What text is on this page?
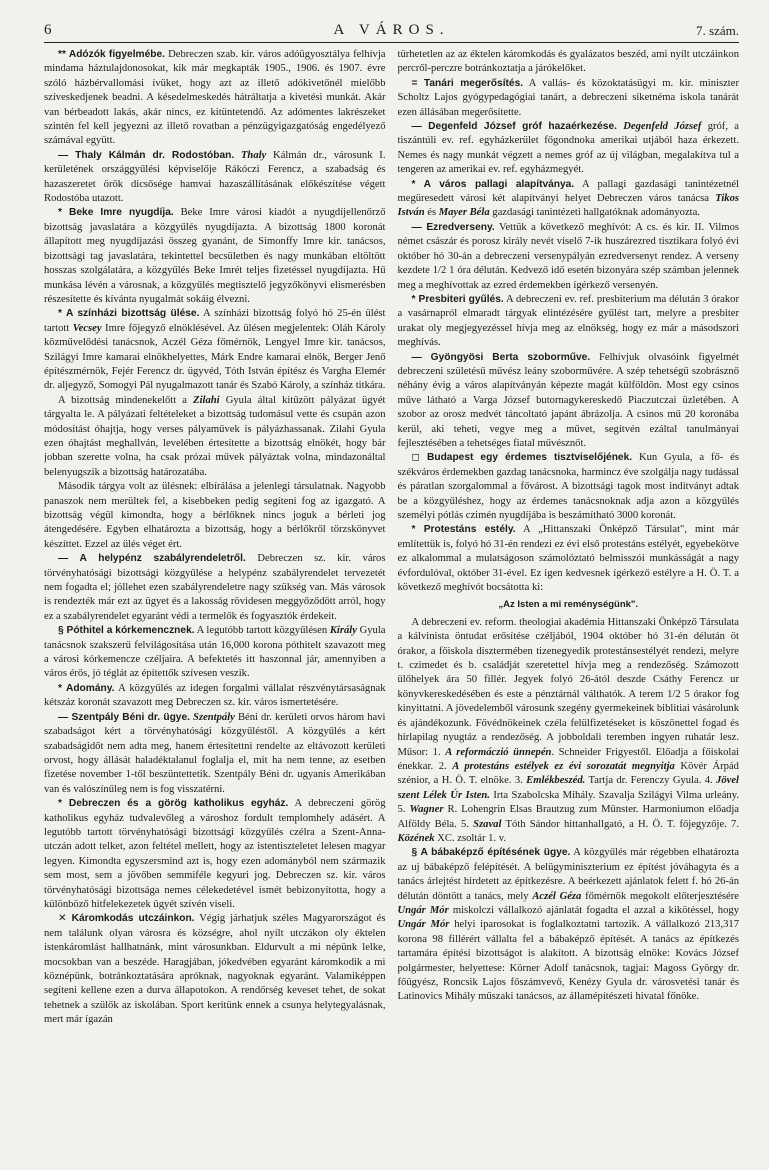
6	A VÁROS.	7. szám.

** Adózók figyelmébe. Debreczen szab. kir. város adóügyosztálya felhívja mindama háztulajdonosokat, kik már megkapták 1905., 1906. és 1907. évre szóló házbérvallomási ívüket, hogy azt az illető adókivetőnél mielőbb szíveskedjenek beadni. A késedelmeskedés hátráltatja a kivetési munkát. Akár van bérbeadott lakás, akár nincs, ez kitüntetendő. Az adómentes lakrészeket szintén fel kell jegyezni az illető rovatban a pénzügyigazgatóság engedélyező számával együtt.

— Thaly Kálmán dr. Rodostóban. Thaly Kálmán dr., városunk I. kerületének országgyűlési képviselője Rákóczi Ferencz, a szabadság és hazaszeretet örök dicsősége hamvai hazaszállításának előkészítése végett Rodostóba utazott.

* Beke Imre nyugdíja. Beke Imre városi kiadót a nyugdíjellenőrző bizottság javaslatára a közgyűlés nyugdíjazta. A bizottság 1800 koronát állapított meg nyugdíjazási összeg gyanánt, de Simonffy Imre kir. tanácsos, bizottsági tag javaslatára, tekintettel becsületben és nagy munkában eltöltött hosszas szolgálatára, a közgyűlés Beke Imrét teljes fizetéssel nyugdíjazta. Hű munkása lévén a városnak, a közgyűlés megtisztelő jegyzőkönyvi elismerésben részesítette és kívánta nyugalmát sokáig élvezni.

* A színházi bizottság ülése. A színházi bizottság folyó hó 25-én ülést tartott Vecsey Imre főjegyző elnöklésével. Az ülésen megjelentek: Oláh Károly közművelődési tanácsnok, Aczél Géza főmérnök, Lengyel Imre kir. tanácsos, Szilágyi Imre kamarai elnökhelyettes, Márk Endre kamarai elnök, Berger Jenő építészmérnök, Fejér Ferencz dr. ügyvéd, Tóth István építész és Vargha Elemér dr. aljegyző, Somogyi Pál nyugalmazott tanár és Szabó Károly, a színház titkára.

A bizottság mindenekelőtt a Zilahi Gyula által kitűzött pályázat ügyét tárgyalta le. A pályázati feltételeket a bizottság tudomásul vette és csupán azon módosítást óhajtja, hogy verses pályaművek is pályázhassanak. Zilahi Gyula ezen óhajtást meghallván, levelében értesítette a bizottság elnökét, hogy bár jobban szerette volna, ha csak prózai művek pályáztak volna, mindazonáltal belenyugszik a bizottság határozatába.

Második tárgya volt az ülésnek: elbírálása a jelenlegi társulatnak. Nagyobb panaszok nem merültek fel, a kisebbeken pedig segíteni fog az igazgató. A bizottság végül kimondta, hogy a bérlőknek nincs joguk a bérleti jog átengedésére. Egyben elhatározta a bizottság, hogy a bérlőkről törzskönyvet készíttet. Ezzel az ülés véget ért.

— A helypénz szabályrendeletről. Debreczen sz. kir. város törvényhatósági bizottsági közgyűlése a helypénz szabályrendelet tervezetét nem fogadta el; jóllehet ezen szabályrendeletre nagy szükség van. Más városok is rendezték már ezt az ügyet és a lakosság rövidesen meggyőződött arról, hogy ez a szabályrendelet egyaránt védi a termelők és fogyasztók érdekeit.

§ Póthitel a kórkemencznek. A legutóbb tartott közgyűlésen Király Gyula tanácsnok szakszerű felvilágosítása után 16,000 korona póthitelt szavazott meg a városi kórkemencze czéljaira. A befektetés itt haszonnal jár, amennyiben a város érős, jó téglát az építettők szívesen veszik.

* Adomány. A közgyűlés az idegen forgalmi vállalat részvénytársaságnak kétszáz koronát szavazott meg Debreczen sz. kir. város ismertetésére.

— Szentpály Béni dr. ügye. Szentpály Béni dr. kerületi orvos három havi szabadságot kért a törvényhatósági közgyűléstől. A közgyűlés a kért szabadságidőt nem adta meg, hanem értesítettni rendelte az eltávozott kerületi orvost, hogy állását haladéktalanul foglalja el, mit ha nem tenne, az esetben fizetése november 1-től beszüntettetik. Szentpály Béni dr. ugyanis Amerikában van és valószínűleg nem is fog visszatérni.

* Debreczen és a görög katholikus egyház. A debreczeni görög katholikus egyház tudvalevőleg a városhoz fordult templomhely adásért. A legutóbb tartott törvényhatósági bizottsági közgyűlés czélra a Szent-Anna-utczán adott telket, azon feltétel mellett, hogy az istentiszteletet lelesen magyar legyen. Kimondta egyszersmind azt is, hogy ezen adományból nem származik sem most, sem a jövőben semmiféle kegyuri jog. Debreczen sz. kir. város törvényhatósági bizottsága nemes célekedetével ismét bebizonyította, hogy a különböző hitfelekezetek ügyét szívén viseli.

✕ Káromkodás utczáinkon. Végig járhatjuk széles Magyarországot és nem találunk olyan városra és községre, ahol nyílt utczákon oly éktelen istenkáromlást hallhatnánk, mint városunkban. Eldurvult a mi népünk lelke, mocsokban van a beszéde. Haragjában, jókedvében egyaránt káromkodik a mi köznépünk, botránkoztatására apróknak, nagyoknak egyaránt. Valamiképpen segíteni kellene ezen a durva állapotokon. A rendőrség keveset tehet, de sokat tehetnek a szülők az iskolában. Sport keritünk ennek a csunya helytegyalásnak, mert már ígazán

türhetetlen az az éktelen káromkodás és gyalázatos beszéd, ami nyílt utczáinkon percről-perczre botránkoztatja a járókelőket.

= Tanári megerősítés. A vallás- és közoktatásügyi m. kir. miniszter Scholtz Lajos gyógypedagógiai tanárt, a debreczeni siketnéma iskola tanárát ezen állásában megerősítette.

— Degenfeld József gróf hazaérkezése. Degenfeld József gróf, a tiszántúli ev. ref. egyházkerület főgondnoka amerikai utjából haza érkezett. Nemes és nagy munkát végzett a nemes gróf az új világban, megalakítva tul a tengeren az amerikai ev. ref. egyházmegyét.

* A város pallagi alapítványa. A pallagi gazdasági tanintézetnél megüresedett városi két alapítványi helyet Debreczen város tanácsa Tikos István és Mayer Béla gazdasági tanintézeti hallgatóknak adományozta.

— Ezredverseny. Vettük a következő meghívót: A cs. és kir. II. Vilmos német császár és porosz király nevét viselő 7-ik huszárezred tisztikara folyó évi október hó 30-án a debreczeni versenypályán ezredversenyt rendez. A verseny kezdete 1/2 1 óra délután. Kedvező idő esetén bizonyára szép számban jelennek meg a meghívottak az ezred érdemekben ígérkező versenyén.

* Presbiteri gyűlés. A debreczeni ev. ref. presbiterium ma délután 3 órakor a vasárnapról elmaradt tárgyak elintézésére gyűlést tart, melyre a presbiter urakat oly megjegyezéssel hívja meg az elnökség, hogy ez már a másodszori meghívás.

— Gyöngyösi Berta szoborműve. Felhívjuk olvasóink figyelmét debreczeni születésű művész leány szoborművére. A szép tehetségű szobrásznő néhány évig a város alapítványán képezte magát külföldön. Most egy csinos műve látható a Varga József butornagykereskedő Piaczutczai üzletében. A szobor az orosz medvét táncoltató japánt ábrázolja. A csinos mű 20 koronába kerül, aki teheti, vegye meg a művet, segítvén ezáltal tanulmányai fejlesztésében a tehetséges fiatal művésznőt.

◻ Budapest egy érdemes tisztviselőjének. Kun Gyula, a fő- és székváros érdemekben gazdag tanácsnoka, harmincz éve szolgálja nagy tudással és páratlan szorgalommal a fővárost. A bizottsági tagok most inditványt adtak be a közgyűléshez, hogy az érdemes tanácsnoknak adja azon a közgyűlés személyi pótlás czimén nyugdíjába is beszámítható 3000 koronát.

* Protestáns estély. A „Hittanszaki Önképző Társulat", mint már említettük is, folyó hó 31-én rendezi ez évi első protestáns estélyét, egyebekötve ez alkalommal a mulatságoson számolóztató belmisszói munkásságát a nagy évfordulóval, október 31-ével. Ez igen kedvesnek ígérkező estélyre a H. Ö. T. a következő meghívót bocsátotta ki:

„Az Isten a mi reménységünk".

A debreczeni ev. reform. theologiai akadémia Hittanszaki Önképző Társulata a kálvinista öntudat erősítése czéljából, 1904 október hó 31-én délután öt órakor, a főiskola disztermében tizenegyedik protestánsestélyét rendezi, melyre t. czimedet és b. családját szeretettel hívja meg a rendezőség. Számozott ülőhelyek ára 50 fillér. Jegyek folyó 26-ától deszde Csáthy Ferencz ur könyvkereskedésében és este a pénztárnál válthatók. A terem 1/2 5 órakor fog kinyittatni. A jövedelemből városunk szegény gyermekeinek biblitiai vásárolunk és ajándékozunk. Fővédnökeinek czéla felülfizetéseket is köszönettel fogad és hirlapilag nyugtáz a rendezőség. A jobboldali teremben ingyen ruhatár lesz. Műsor: 1. A reformáczió ünnepén. Schneider Frigyestől. Előadja a főiskolai énekkar. 2. A protestáns estélyek ez évi sorozatát megnyitja Kövér Árpád szénior, a H. Ö. T. elnöke. 3. Emlékbeszéd. Tartja dr. Ferenczy Gyula. 4. Jövel szent Lélek Úr Isten. Irta Szabolcska Mihály. Szavalja Szilágyi Vilma urleány. 5. Wagner R. Lohengrin Elsas Brautzug zum Münster. Harmoniumon előadja Alföldy Béla. 5. Szaval Tóth Sándor hittanhallgató, a H. Ö. T. főjegyzője. 7. Közének XC. zsoltár 1. v.

§ A bábaképző építésének ügye. A közgyűlés már régebben elhatározta az uj bábaképző felépítését. A belügyminiszterium ez építést jóváhagyta és a tanács árlejtést hirdetett az építkezésre. A beérkezett ajánlatok felett f. hó 26-án délután döntött a tanács, mely Aczél Géza főmérnök megokolt előterjesztésére Ungár Mór miskolczi vállalkozó ajánlatát fogadta el azzal a kikötéssel, hogy Ungár Mór helyi iparosokat is foglalkoztatni tartozik. A vállalkozó 213,317 korona 98 fillérért vállalta fel a bábaképző építését. A tanács az építkezés tartamára építési bizottságot is alakított. A bizottság elnöke: Kovács József polgármester, helyettese: Körner Adolf tanácsnok, tagjai: Magoss György dr. főügyész, Roncsik Lajos főszámvevő, Kenézy Gyula dr. városvetési tanár és Latinovics Mihály műszaki tanácsos, az államépítészeti hivatal főnöke.
